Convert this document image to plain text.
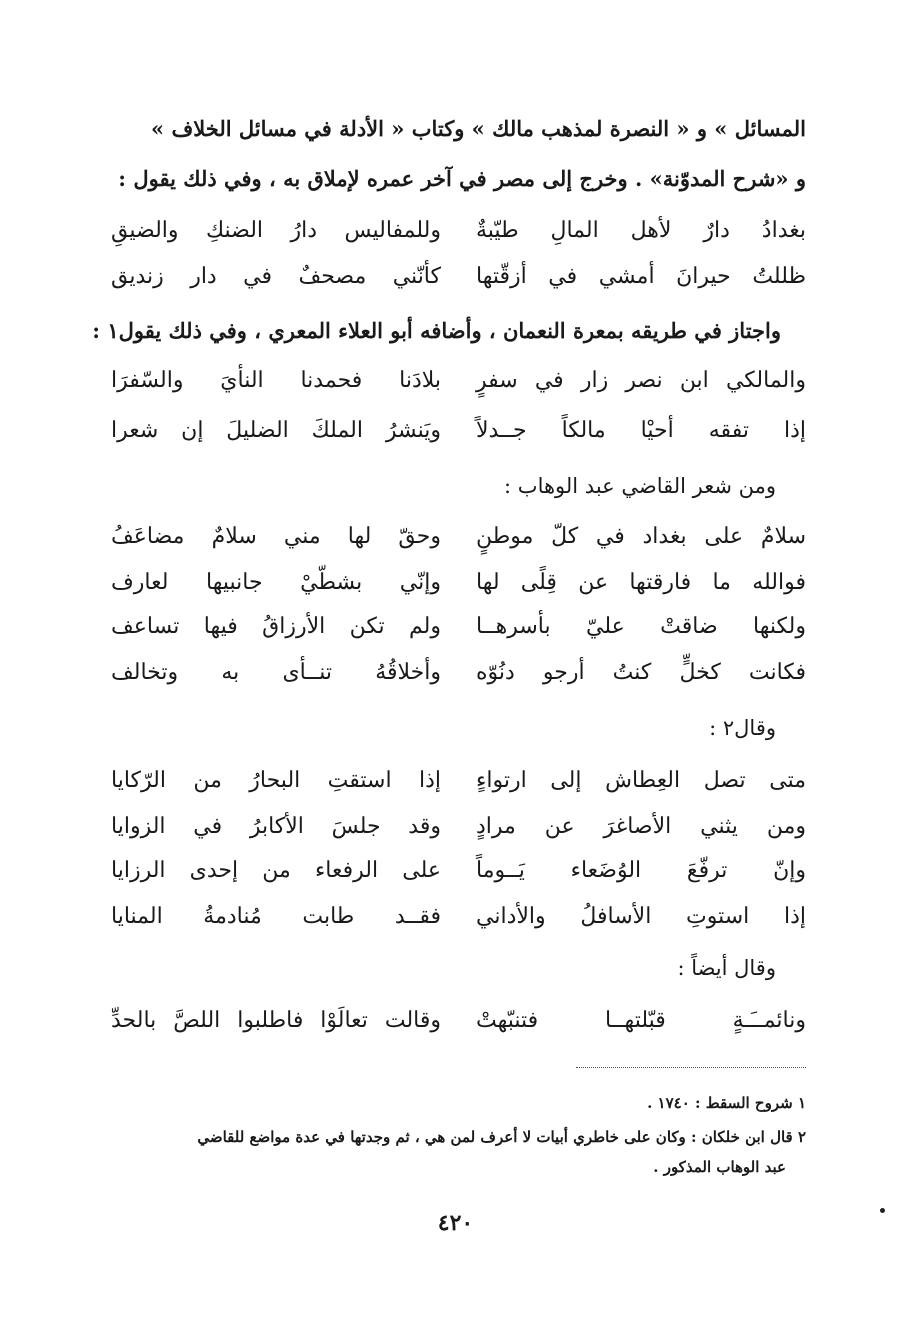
المسائل » و « النصرة لمذهب مالك » وكتاب « الأدلة في مسائل الخلاف »
و «شرح المدوّنة» . وخرج إلى مصر في آخر عمره لإملاق به ، وفي ذلك يقول :
بغدادُ دارٌ لأهل المالِ طيّبةٌ
وللمفاليس دارُ الضنكِ والضيقِ
ظللتُ حيرانَ أمشي في أزقّتها
كأنّني مصحفٌ في دار زنديق
واجتاز في طريقه بمعرة النعمان ، وأضافه أبو العلاء المعري ، وفي ذلك يقول١ :
والمالكي ابن نصر زار في سفرٍ
بلادَنا فحمدنا النأيَ والسّفرَا
إذا تفقه أحيْا مالكاً جــدلاً
ويَنشرُ الملكَ الضليلَ إن شعرا
ومن شعر القاضي عبد الوهاب :
سلامٌ على بغداد في كلّ موطنٍ
وحقّ لها مني سلامٌ مضاعَفُ
فوالله ما فارقتها عن قِلًى لها
وإنّي بشطّيْ جانبيها لعارف
ولكنها ضاقتْ عليّ بأسرهــا
ولم تكن الأرزاقُ فيها تساعف
فكانت كخلٍّ كنتُ أرجو دنُوّه
وأخلاقُهُ تنــأى به وتخالف
وقال٢ :
متى تصل العِطاش إلى ارتواءٍ
إذا استقتِ البحارُ من الرّكايا
ومن يثني الأصاغرَ عن مرادٍ
وقد جلسَ الأكابرُ في الزوايا
وإنّ ترفّعَ الوُضَعاء يَــوماً
على الرفعاء من إحدى الرزايا
إذا استوتِ الأسافلُ والأداني
فقــد طابت مُنادمةُ المنايا
وقال أيضاً :
ونائمــَـةٍ قبّلتهــا فتنبّهتْ
وقالت تعالَوْا فاطلبوا اللصَّ بالحدِّ
١ شروح السقط : ١٧٤٠ .
٢ قال ابن خلكان : وكان على خاطري أبيات لا أعرف لمن هي ، ثم وجدتها في عدة مواضع للقاضي
عبد الوهاب المذكور .
٤٢٠
